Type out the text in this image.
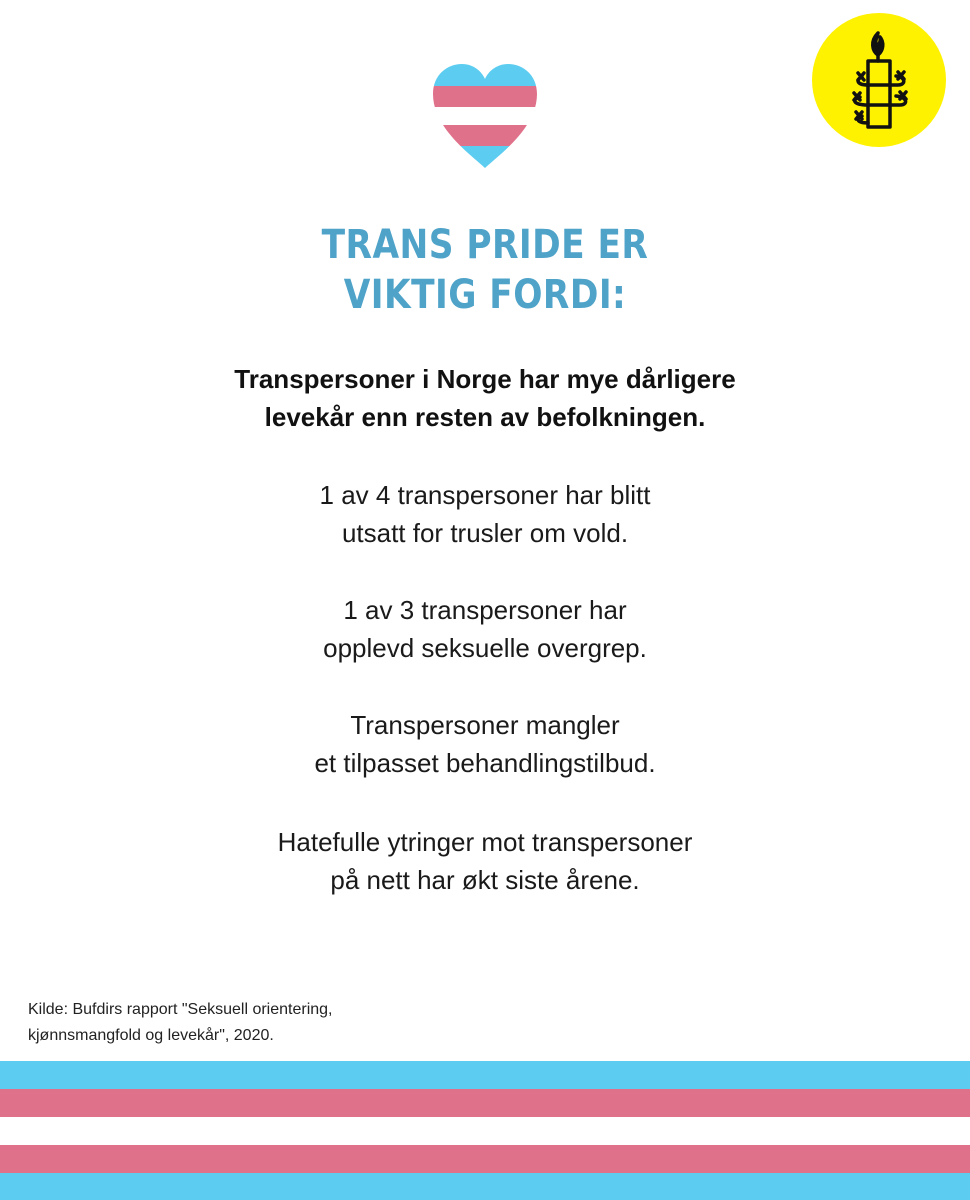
TRANS PRIDE ER
VIKTIG FORDI:
Transpersoner i Norge har mye dårligere
levekår enn resten av befolkningen.
1 av 4 transpersoner har blitt
utsatt for trusler om vold.
1 av 3 transpersoner har
opplevd seksuelle overgrep.
Transpersoner mangler
et tilpasset behandlingstilbud.
Hatefulle ytringer mot transpersoner
på nett har økt siste årene.
Kilde: Bufdirs rapport "Seksuell orientering,
kjønnsmangfold og levekår", 2020.
